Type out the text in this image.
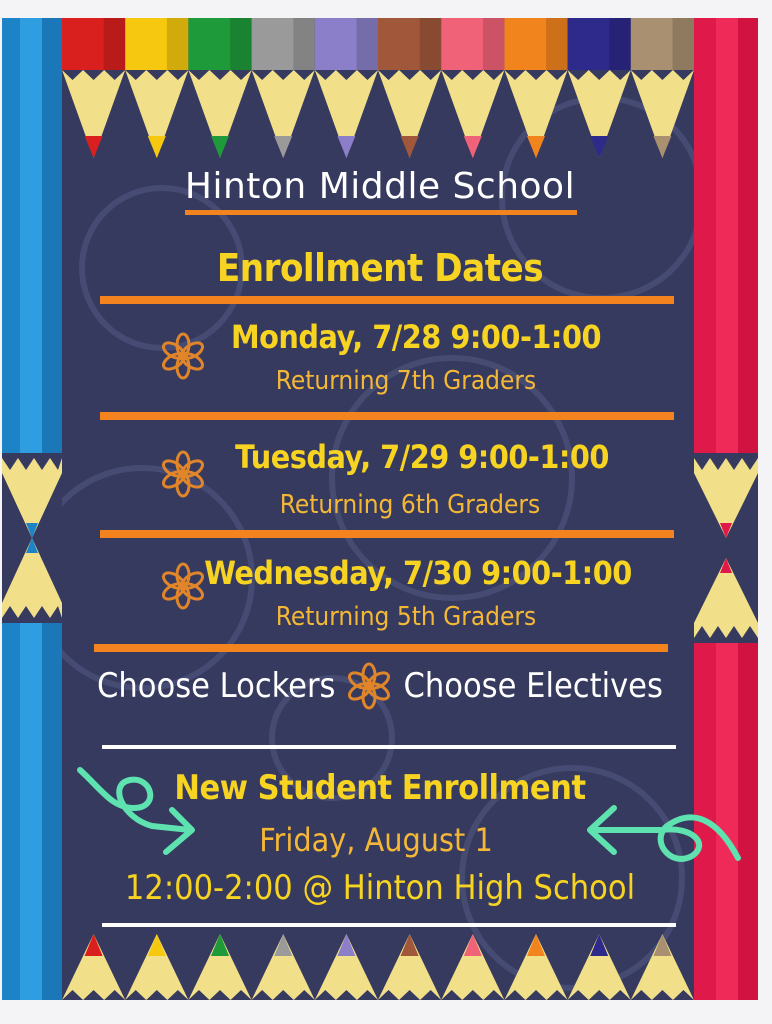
Hinton Middle School
Enrollment Dates
Monday, 7/28 9:00-1:00
Returning 7th Graders
Tuesday, 7/29 9:00-1:00
Returning 6th Graders
Wednesday, 7/30 9:00-1:00
Returning 5th Graders
Choose Lockers Choose Electives
New Student Enrollment
Friday, August 1
12:00-2:00 @ Hinton High School
